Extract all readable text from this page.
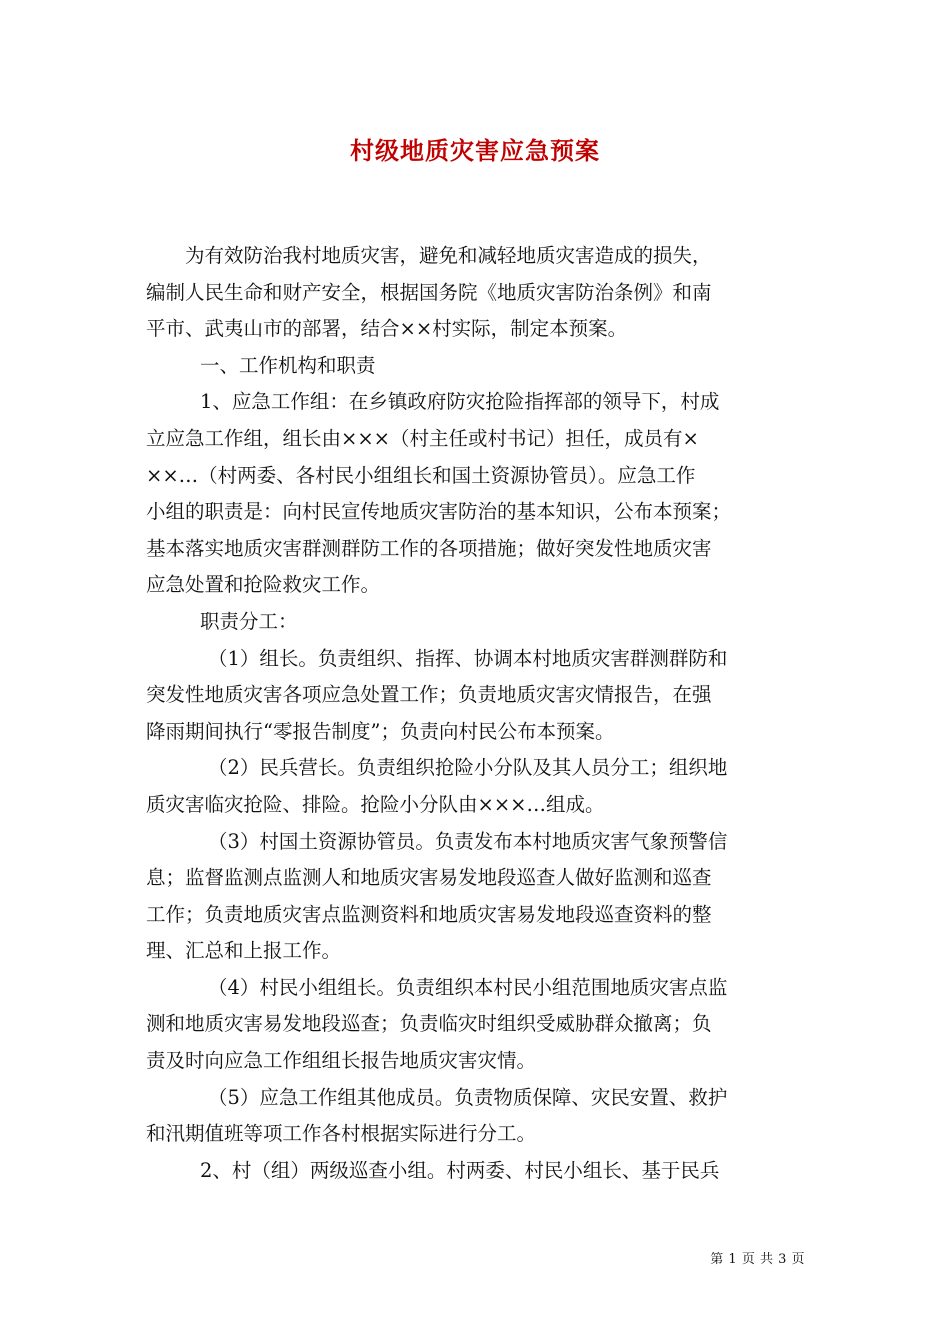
村级地质灾害应急预案

为有效防治我村地质灾害，避免和减轻地质灾害造成的损失，

编制人民生命和财产安全，根据国务院《地质灾害防治条例》和南

平市、武夷山市的部署，结合××村实际，制定本预案。

一、工作机构和职责

1、应急工作组：在乡镇政府防灾抢险指挥部的领导下，村成

立应急工作组，组长由×××（村主任或村书记）担任，成员有×

××…（村两委、各村民小组组长和国土资源协管员）。应急工作

小组的职责是：向村民宣传地质灾害防治的基本知识，公布本预案；

基本落实地质灾害群测群防工作的各项措施；做好突发性地质灾害

应急处置和抢险救灾工作。

职责分工：

（1）组长。负责组织、指挥、协调本村地质灾害群测群防和

突发性地质灾害各项应急处置工作；负责地质灾害灾情报告，在强

降雨期间执行“零报告制度”；负责向村民公布本预案。

（2）民兵营长。负责组织抢险小分队及其人员分工；组织地

质灾害临灾抢险、排险。抢险小分队由×××…组成。

（3）村国土资源协管员。负责发布本村地质灾害气象预警信

息；监督监测点监测人和地质灾害易发地段巡查人做好监测和巡查

工作；负责地质灾害点监测资料和地质灾害易发地段巡查资料的整

理、汇总和上报工作。

（4）村民小组组长。负责组织本村民小组范围地质灾害点监

测和地质灾害易发地段巡查；负责临灾时组织受威胁群众撤离；负

责及时向应急工作组组长报告地质灾害灾情。

（5）应急工作组其他成员。负责物质保障、灾民安置、救护

和汛期值班等项工作各村根据实际进行分工。

2、村（组）两级巡查小组。村两委、村民小组长、基于民兵

第 1 页 共 3 页
